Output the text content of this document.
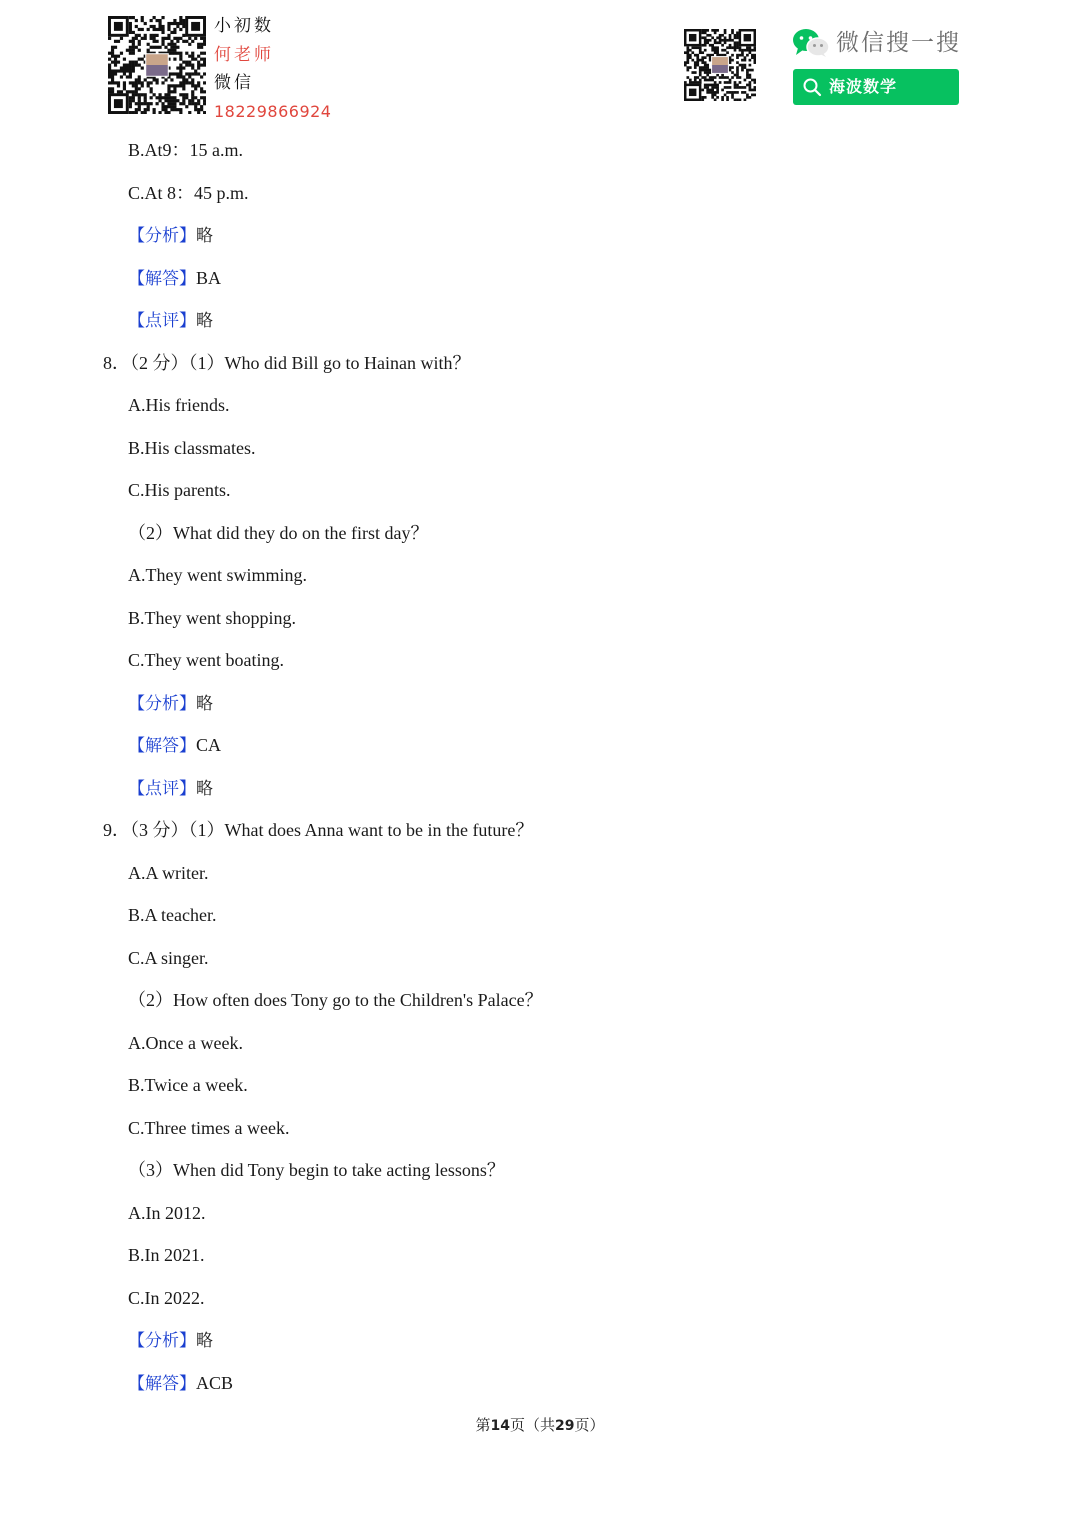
小初数
何老师
微信
18229866924
微信搜一搜
海波数学
B.At9：15 a.m.
C.At 8：45 p.m.
【分析】略
【解答】BA
【点评】略
8．（2 分）（1）Who did Bill go to Hainan with？
A.His friends.
B.His classmates.
C.His parents.
（2）What did they do on the first day？
A.They went swimming.
B.They went shopping.
C.They went boating.
【分析】略
【解答】CA
【点评】略
9．（3 分）（1）What does Anna want to be in the future？
A.A writer.
B.A teacher.
C.A singer.
（2）How often does Tony go to the Children's Palace？
A.Once a week.
B.Twice a week.
C.Three times a week.
（3）When did Tony begin to take acting lessons？
A.In 2012.
B.In 2021.
C.In 2022.
【分析】略
【解答】ACB
第14页（共29页）
